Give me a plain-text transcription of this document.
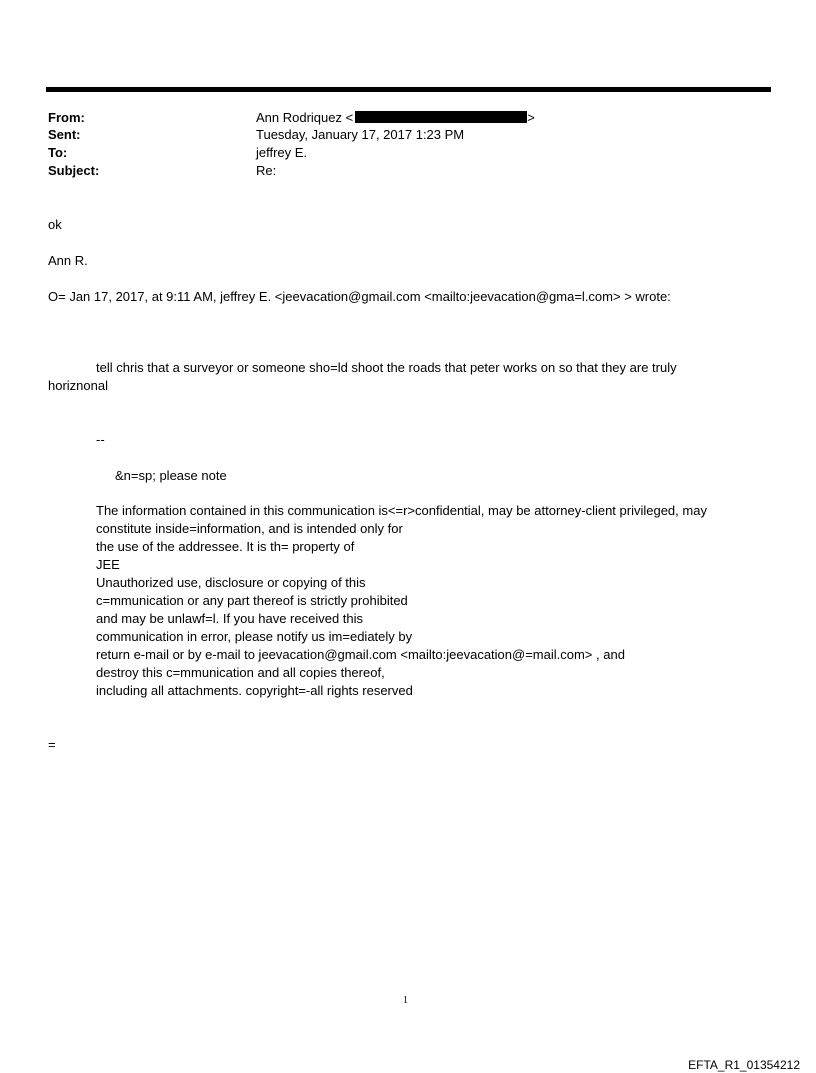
From:	Ann Rodriquez <	>
Sent:	Tuesday, January 17, 2017 1:23 PM
To:	jeffrey E.
Subject:	Re:
ok
Ann R.
O= Jan 17, 2017, at 9:11 AM, jeffrey E. <jeevacation@gmail.com <mailto:jeevacation@gma=l.com> > wrote:
tell chris that a surveyor or someone sho=ld shoot the roads that peter works on so that they are truly
horiznonal
--
&n=sp; please note
The information contained in this communication is<=r>confidential, may be attorney-client privileged, may
constitute inside=information, and is intended only for
the use of the addressee. It is th= property of
JEE
Unauthorized use, disclosure or copying of this
c=mmunication or any part thereof is strictly prohibited
and may be unlawf=l. If you have received this
communication in error, please notify us im=ediately by
return e-mail or by e-mail to jeevacation@gmail.com <mailto:jeevacation@=mail.com> , and
destroy this c=mmunication and all copies thereof,
including all attachments. copyright=-all rights reserved
=
1
EFTA_R1_01354212
